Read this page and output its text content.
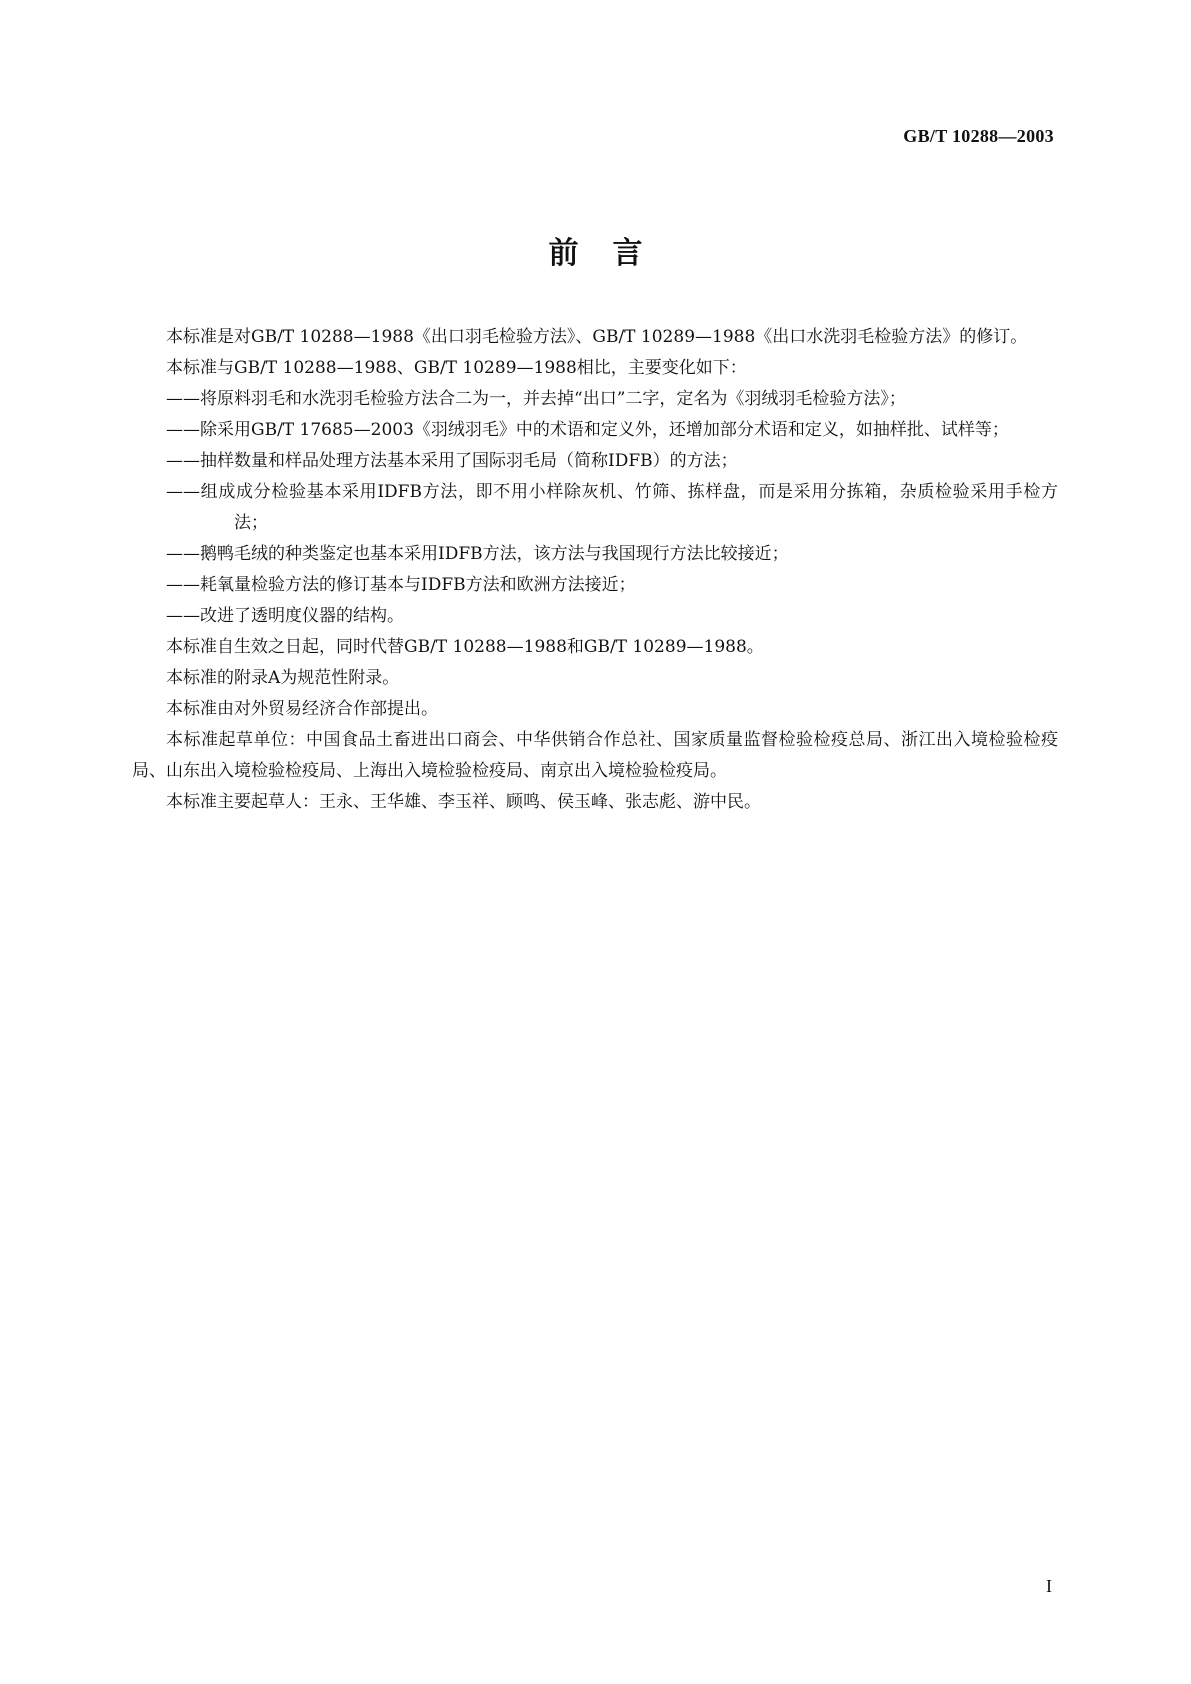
GB/T 10288—2003
前言

本标准是对GB/T 10288—1988《出口羽毛检验方法》、GB/T 10289—1988《出口水洗羽毛检验方法》的修订。

本标准与GB/T 10288—1988、GB/T 10289—1988相比，主要变化如下：

——将原料羽毛和水洗羽毛检验方法合二为一，并去掉“出口”二字，定名为《羽绒羽毛检验方法》；

——除采用GB/T 17685—2003《羽绒羽毛》中的术语和定义外，还增加部分术语和定义，如抽样批、试样等；

——抽样数量和样品处理方法基本采用了国际羽毛局（简称IDFB）的方法；

——组成成分检验基本采用IDFB方法，即不用小样除灰机、竹筛、拣样盘，而是采用分拣箱，杂质检验采用手检方法；

——鹅鸭毛绒的种类鉴定也基本采用IDFB方法，该方法与我国现行方法比较接近；

——耗氧量检验方法的修订基本与IDFB方法和欧洲方法接近；

——改进了透明度仪器的结构。

本标准自生效之日起，同时代替GB/T 10288—1988和GB/T 10289—1988。

本标准的附录A为规范性附录。

本标准由对外贸易经济合作部提出。

本标准起草单位：中国食品土畜进出口商会、中华供销合作总社、国家质量监督检验检疫总局、浙江出入境检验检疫局、山东出入境检验检疫局、上海出入境检验检疫局、南京出入境检验检疫局。

本标准主要起草人：王永、王华雄、李玉祥、顾鸣、侯玉峰、张志彪、游中民。

I
